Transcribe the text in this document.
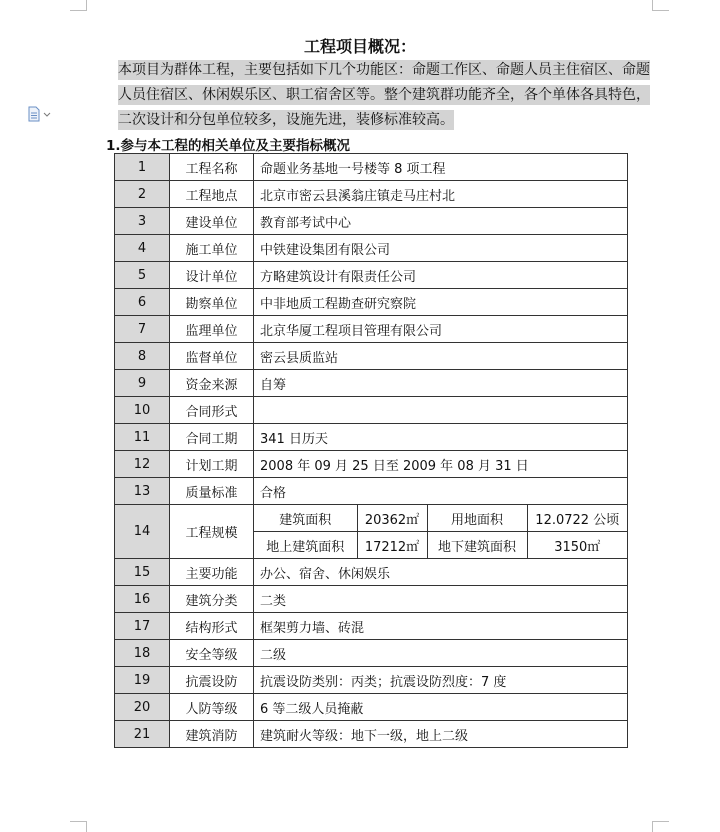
工程项目概况：
本项目为群体工程，主要包括如下几个功能区：命题工作区、命题人员主住宿区、命题人员住宿区、休闲娱乐区、职工宿舍区等。整个建筑群功能齐全，各个单体各具特色，二次设计和分包单位较多，设施先进，装修标准较高。
1.参与本工程的相关单位及主要指标概况
1	工程名称	命题业务基地一号楼等 8 项工程
2	工程地点	北京市密云县溪翁庄镇走马庄村北
3	建设单位	教育部考试中心
4	施工单位	中铁建设集团有限公司
5	设计单位	方略建筑设计有限责任公司
6	勘察单位	中非地质工程勘查研究察院
7	监理单位	北京华厦工程项目管理有限公司
8	监督单位	密云县质监站
9	资金来源	自筹
10	合同形式	
11	合同工期	341 日历天
12	计划工期	2008 年 09 月 25 日至 2009 年 08 月 31 日
13	质量标准	合格
14	工程规模	
建筑面积	20362㎡	用地面积	12.0722 公顷
地上建筑面积	17212㎡	地下建筑面积	3150㎡

15	主要功能	办公、宿舍、休闲娱乐
16	建筑分类	二类
17	结构形式	框架剪力墙、砖混
18	安全等级	二级
19	抗震设防	抗震设防类别：丙类；抗震设防烈度：7 度
20	人防等级	6 等二级人员掩蔽
21	建筑消防	建筑耐火等级：地下一级，地上二级
